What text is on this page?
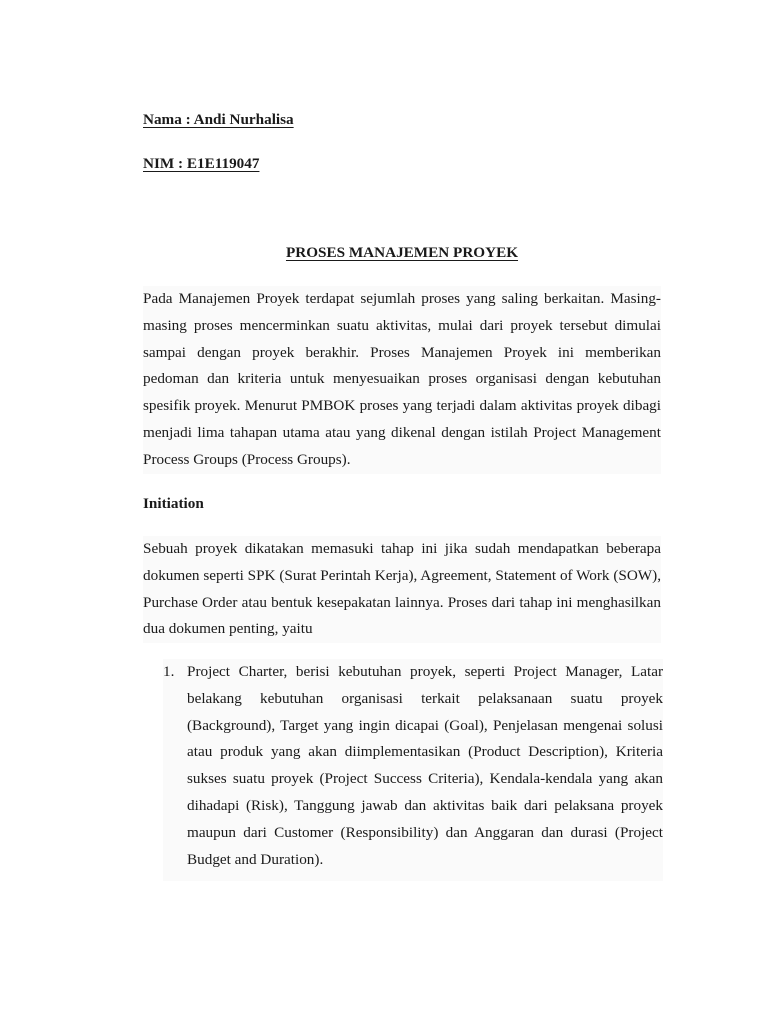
Nama : Andi Nurhalisa
NIM : E1E119047
PROSES MANAJEMEN PROYEK
Pada Manajemen Proyek terdapat sejumlah proses yang saling berkaitan. Masing-masing proses mencerminkan suatu aktivitas, mulai dari proyek tersebut dimulai sampai dengan proyek berakhir. Proses Manajemen Proyek ini memberikan pedoman dan kriteria untuk menyesuaikan proses organisasi dengan kebutuhan spesifik proyek. Menurut PMBOK proses yang terjadi dalam aktivitas proyek dibagi menjadi lima tahapan utama atau yang dikenal dengan istilah Project Management Process Groups (Process Groups).
Initiation
Sebuah proyek dikatakan memasuki tahap ini jika sudah mendapatkan beberapa dokumen seperti SPK (Surat Perintah Kerja), Agreement, Statement of Work (SOW), Purchase Order atau bentuk kesepakatan lainnya. Proses dari tahap ini menghasilkan dua dokumen penting, yaitu
1. Project Charter, berisi kebutuhan proyek, seperti Project Manager, Latar belakang kebutuhan organisasi terkait pelaksanaan suatu proyek (Background), Target yang ingin dicapai (Goal), Penjelasan mengenai solusi atau produk yang akan diimplementasikan (Product Description), Kriteria sukses suatu proyek (Project Success Criteria), Kendala-kendala yang akan dihadapi (Risk), Tanggung jawab dan aktivitas baik dari pelaksana proyek maupun dari Customer (Responsibility) dan Anggaran dan durasi (Project Budget and Duration).
